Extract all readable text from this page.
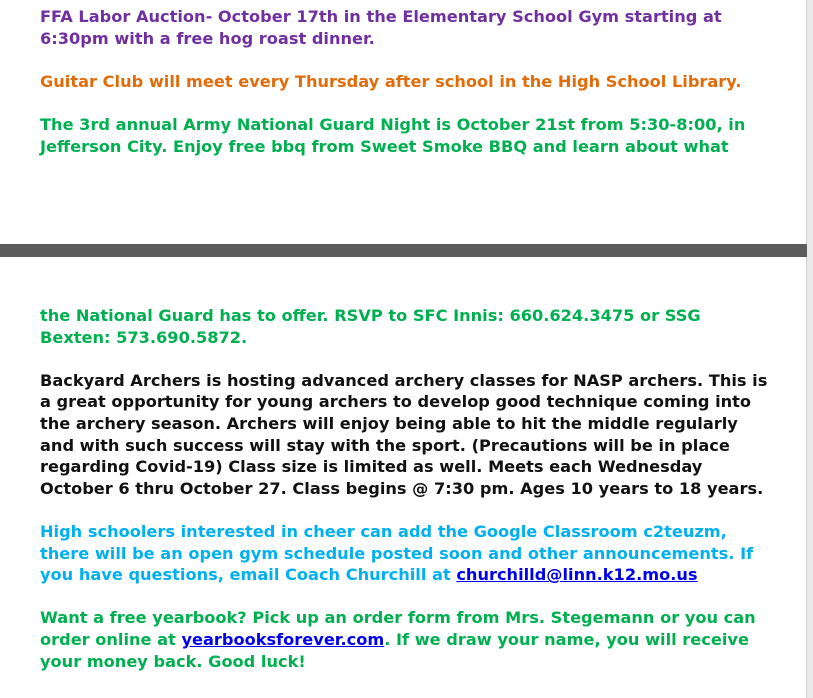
FFA Labor Auction- October 17th in the Elementary School Gym starting at 6:30pm with a free hog roast dinner.

Guitar Club will meet every Thursday after school in the High School Library.

The 3rd annual Army National Guard Night is October 21st from 5:30-8:00, in Jefferson City. Enjoy free bbq from Sweet Smoke BBQ and learn about what

the National Guard has to offer. RSVP to SFC Innis: 660.624.3475 or SSG Bexten: 573.690.5872.

Backyard Archers is hosting advanced archery classes for NASP archers. This is a great opportunity for young archers to develop good technique coming into the archery season. Archers will enjoy being able to hit the middle regularly and with such success will stay with the sport. (Precautions will be in place regarding Covid-19) Class size is limited as well. Meets each Wednesday October 6 thru October 27. Class begins @ 7:30 pm. Ages 10 years to 18 years.

High schoolers interested in cheer can add the Google Classroom c2teuzm, there will be an open gym schedule posted soon and other announcements. If you have questions, email Coach Churchill at churchilld@linn.k12.mo.us

Want a free yearbook? Pick up an order form from Mrs. Stegemann or you can order online at yearbooksforever.com. If we draw your name, you will receive your money back. Good luck!
